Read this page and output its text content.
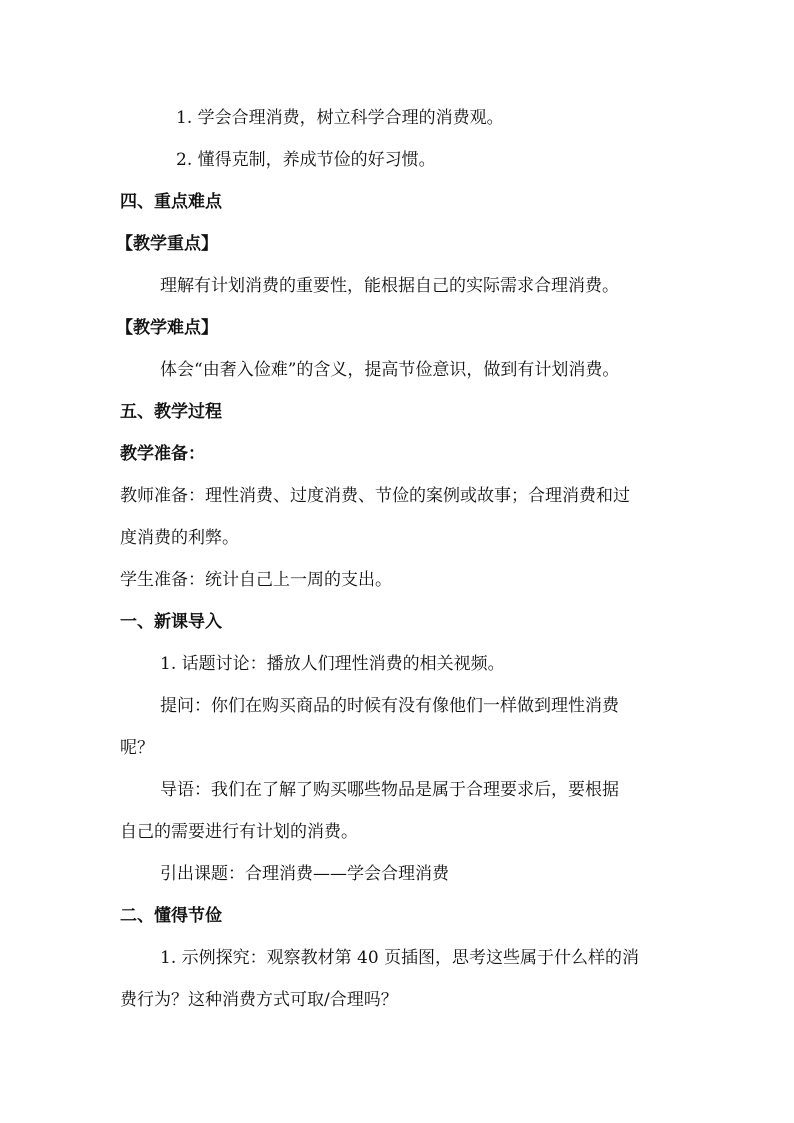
1. 学会合理消费，树立科学合理的消费观。
2. 懂得克制，养成节俭的好习惯。
四、重点难点
【教学重点】
理解有计划消费的重要性，能根据自己的实际需求合理消费。
【教学难点】
体会“由奢入俭难”的含义，提高节俭意识，做到有计划消费。
五、教学过程
教学准备：
教师准备：理性消费、过度消费、节俭的案例或故事；合理消费和过
度消费的利弊。
学生准备：统计自己上一周的支出。
一、新课导入
1. 话题讨论：播放人们理性消费的相关视频。
提问：你们在购买商品的时候有没有像他们一样做到理性消费
呢？
导语：我们在了解了购买哪些物品是属于合理要求后，要根据
自己的需要进行有计划的消费。
引出课题：合理消费——学会合理消费
二、懂得节俭
1. 示例探究：观察教材第 40 页插图，思考这些属于什么样的消
费行为？这种消费方式可取/合理吗？
